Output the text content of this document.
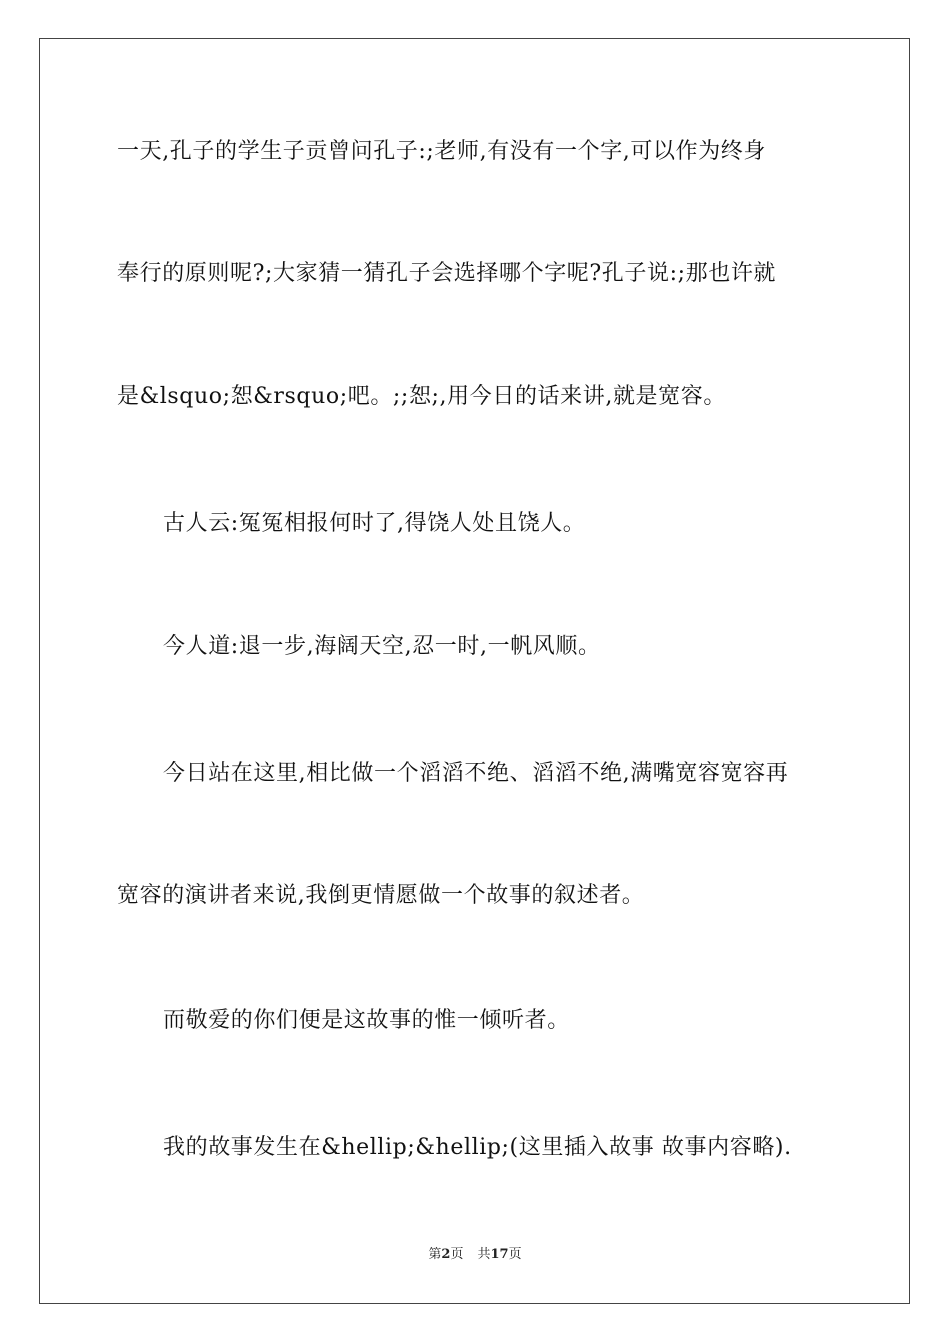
一天,孔子的学生子贡曾问孔子:;老师,有没有一个字,可以作为终身
奉行的原则呢?;大家猜一猜孔子会选择哪个字呢?孔子说:;那也许就
是&lsquo;恕&rsquo;吧。;;恕;,用今日的话来讲,就是宽容。
古人云:冤冤相报何时了,得饶人处且饶人。
今人道:退一步,海阔天空,忍一时,一帆风顺。
今日站在这里,相比做一个滔滔不绝、滔滔不绝,满嘴宽容宽容再
宽容的演讲者来说,我倒更情愿做一个故事的叙述者。
而敬爱的你们便是这故事的惟一倾听者。
我的故事发生在&hellip;&hellip;(这里插入故事 故事内容略).
第2页 共17页
